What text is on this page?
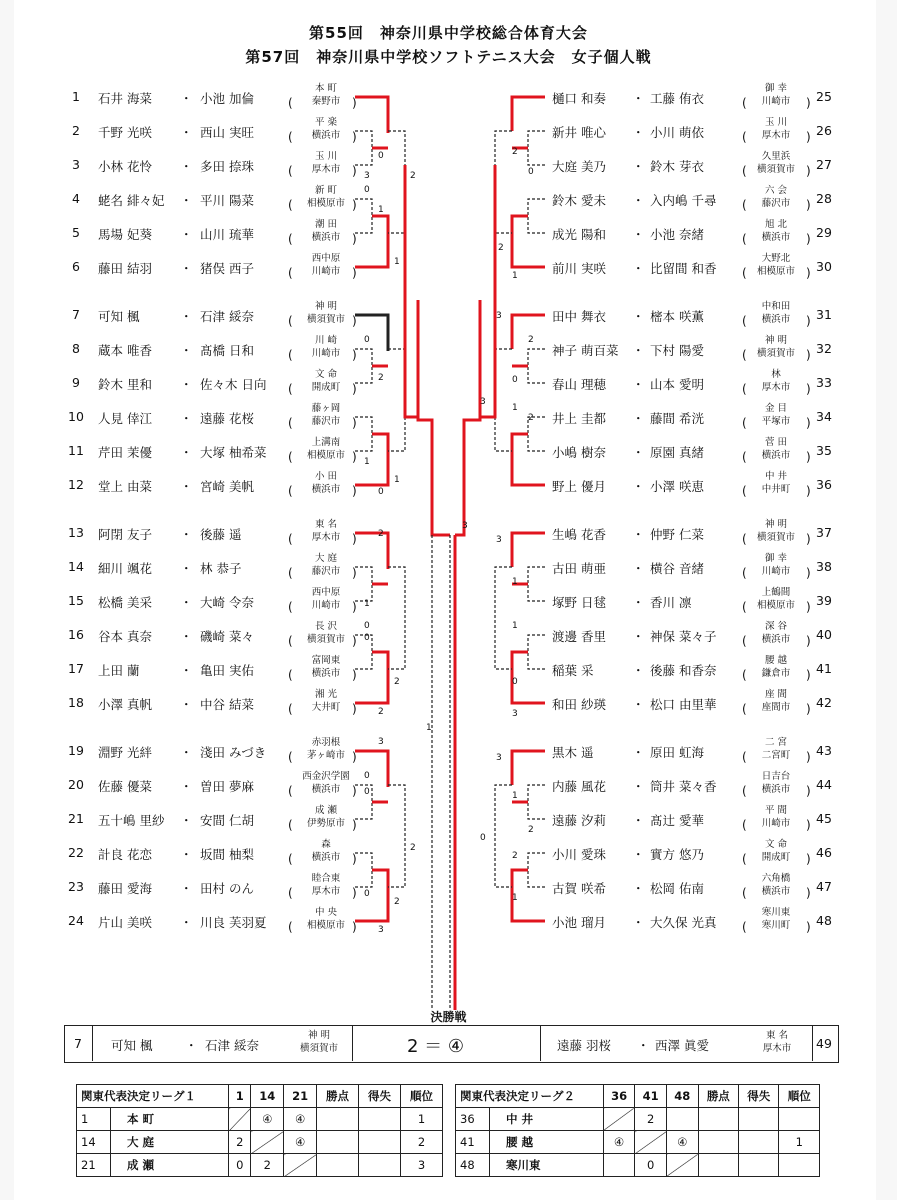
第55回　神奈川県中学校総合体育大会
第57回　神奈川県中学校ソフトテニス大会　女子個人戦
1	石井 海菜 ・ 小池 加倫	(
本 町
秦野市 )
2	千野 光咲 ・ 西山 実旺	(
平 楽
横浜市 )
3	小林 花怜 ・ 多田 捺珠	(
玉 川
厚木市 )
4	蛯名 緋々妃 ・ 平川 陽菜	(
新 町
相模原市 )
5	馬場 妃葵 ・ 山川 琉華	(
潮 田
横浜市 )
6	藤田 結羽 ・ 猪俣 西子	(
西中原
川崎市 )
7	可知 楓	・ 石津 綏奈	(
神 明
横須賀市 )
8	蔵本 唯香 ・ 髙橋 日和	(
川 崎
川崎市 )
9	鈴木 里和 ・ 佐々木 日向 (
文 命
開成町 )
10	人見 倖江 ・ 遠藤 花桜	(
藤ヶ岡
藤沢市 )
11	芹田 茉優 ・ 大塚 柚希菜 (
上溝南
相模原市 )
12	堂上 由菜 ・ 宮崎 美帆	(
小 田
横浜市 )
13	阿閉 友子 ・ 後藤 遥	(
東 名
厚木市 )
14	細川 颯花 ・ 林 恭子	(
大 庭
藤沢市 )
15	松橋 美采 ・ 大崎 令奈	(
西中原
川崎市 )
16	谷本 真奈 ・ 磯崎 菜々	(
長 沢
横須賀市 )
17	上田 蘭	・ 亀田 実佑	(
富岡東
横浜市 )
18	小澤 真帆 ・ 中谷 結菜	(
湘 光
大井町 )
19	淵野 光絆 ・ 淺田 みづき (
赤羽根
茅ヶ崎市 )
20	佐藤 優菜 ・ 曽田 夢麻	(
西金沢学園
横浜市 )
21	五十嶋 里紗 ・ 安間 仁胡	(
成 瀬
伊勢原市 )
22	計良 花恋 ・ 坂間 柚梨	(
森
横浜市 )
23	藤田 愛海 ・ 田村 のん	(
睦合東
厚木市 )
24	片山 美咲 ・ 川良 芙羽夏 (
中 央
相模原市 )
樋口 和奏 ・ 工藤 侑衣	(
御 幸
川崎市	) 25
新井 唯心 ・ 小川 萌依	(
玉 川
厚木市	) 26
大庭 美乃 ・ 鈴木 芽衣	(
久里浜
横須賀市 ) 27
鈴木 愛未 ・ 入内嶋 千尋 (
六 会
藤沢市	) 28
成光 陽和 ・ 小池 奈緒	(
旭 北
横浜市	) 29
前川 実咲 ・ 比留間 和香 (
大野北
相模原市 ) 30
田中 舞衣 ・ 樒本 咲薫	(
中和田
横浜市	) 31
神子 萌百菜 ・ 下村 陽愛	(
神 明
横須賀市 ) 32
春山 理穂 ・ 山本 愛明	(
林
厚木市	) 33
井上 圭都 ・ 藤間 希洸	(
金 目
平塚市	) 34
小嶋 樹奈 ・ 原園 真緒	(
菅 田
横浜市	) 35
野上 優月 ・ 小澤 咲恵	(
中 井
中井町	) 36
生嶋 花香 ・ 仲野 仁菜	(
神 明
横須賀市 ) 37
古田 萌亜 ・ 横谷 音緒	(
御 幸
川崎市	) 38
塚野 日毬 ・ 香川 凛	(
上鶴間
相模原市 ) 39
渡邊 香里 ・ 神保 菜々子 (
深 谷
横浜市	) 40
稲葉 采	・ 後藤 和香奈 (
腰 越
鎌倉市	) 41
和田 紗瑛 ・ 松口 由里華 (
座 間
座間市	) 42
黒木 遥	・ 原田 虹海	(
二 宮
二宮町	) 43
内藤 風花 ・ 筒井 菜々香 (
日吉台
横浜市	) 44
遠藤 汐莉 ・ 髙辻 愛華	(
平 間
川崎市	) 45
小川 愛珠 ・ 實方 悠乃	(
文 命
開成町	) 46
古賀 咲希 ・ 松岡 佑南	(
六角橋
横浜市	) 47
小池 瑠月 ・ 大久保 光真 (
寒川東
寒川町	) 48
3
0
2
0
1
1
0
2
1
0
1
2
1
0
0
2
2
3
0
0
2
0
3
2
1
2
0
2
1
3
2
0
1
2
3
3
3
1
1
0
3
3
1
2
0
2
1
決勝戦
7 可知 楓	・ 石津 綏奈
神 明
横須賀市	2 ＝ ④	遠藤 羽桜 ・ 西澤 眞愛
東 名
厚木市	49
関東代表決定リーグ１		1	14	21	勝点	得失	順位
1	本 町		④	④			1
14	大 庭	2		④			2
21	成 瀬	0	2				3
関東代表決定リーグ２		36	41	48	勝点	得失	順位
36	中 井		2				
41	腰 越	④		④			1
48	寒川東		0				
